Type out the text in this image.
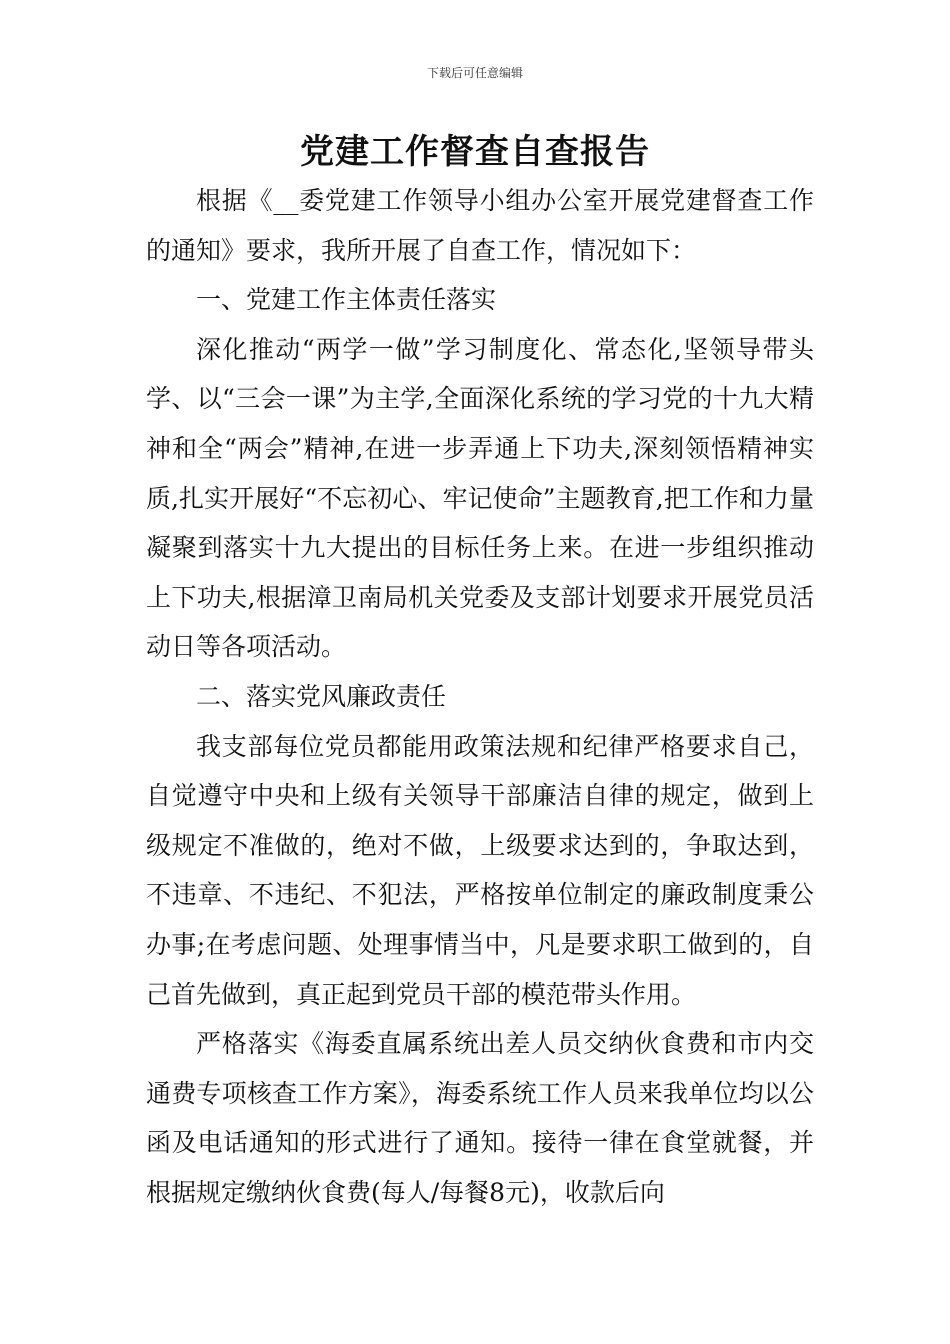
下载后可任意编辑
党建工作督查自查报告

根据《__委党建工作领导小组办公室开展党建督查工作的通知》要求，我所开展了自查工作，情况如下：

一、党建工作主体责任落实

深化推动“两学一做”学习制度化、常态化,坚领导带头学、以“三会一课”为主学,全面深化系统的学习党的十九大精神和全“两会”精神,在进一步弄通上下功夫,深刻领悟精神实质,扎实开展好“不忘初心、牢记使命”主题教育,把工作和力量凝聚到落实十九大提出的目标任务上来。在进一步组织推动上下功夫,根据漳卫南局机关党委及支部计划要求开展党员活动日等各项活动。

二、落实党风廉政责任

我支部每位党员都能用政策法规和纪律严格要求自己，自觉遵守中央和上级有关领导干部廉洁自律的规定，做到上级规定不准做的，绝对不做，上级要求达到的，争取达到，不违章、不违纪、不犯法，严格按单位制定的廉政制度秉公办事;在考虑问题、处理事情当中，凡是要求职工做到的，自己首先做到，真正起到党员干部的模范带头作用。

严格落实《海委直属系统出差人员交纳伙食费和市内交通费专项核查工作方案》，海委系统工作人员来我单位均以公函及电话通知的形式进行了通知。接待一律在食堂就餐，并根据规定缴纳伙食费(每人/每餐8元)，收款后向
